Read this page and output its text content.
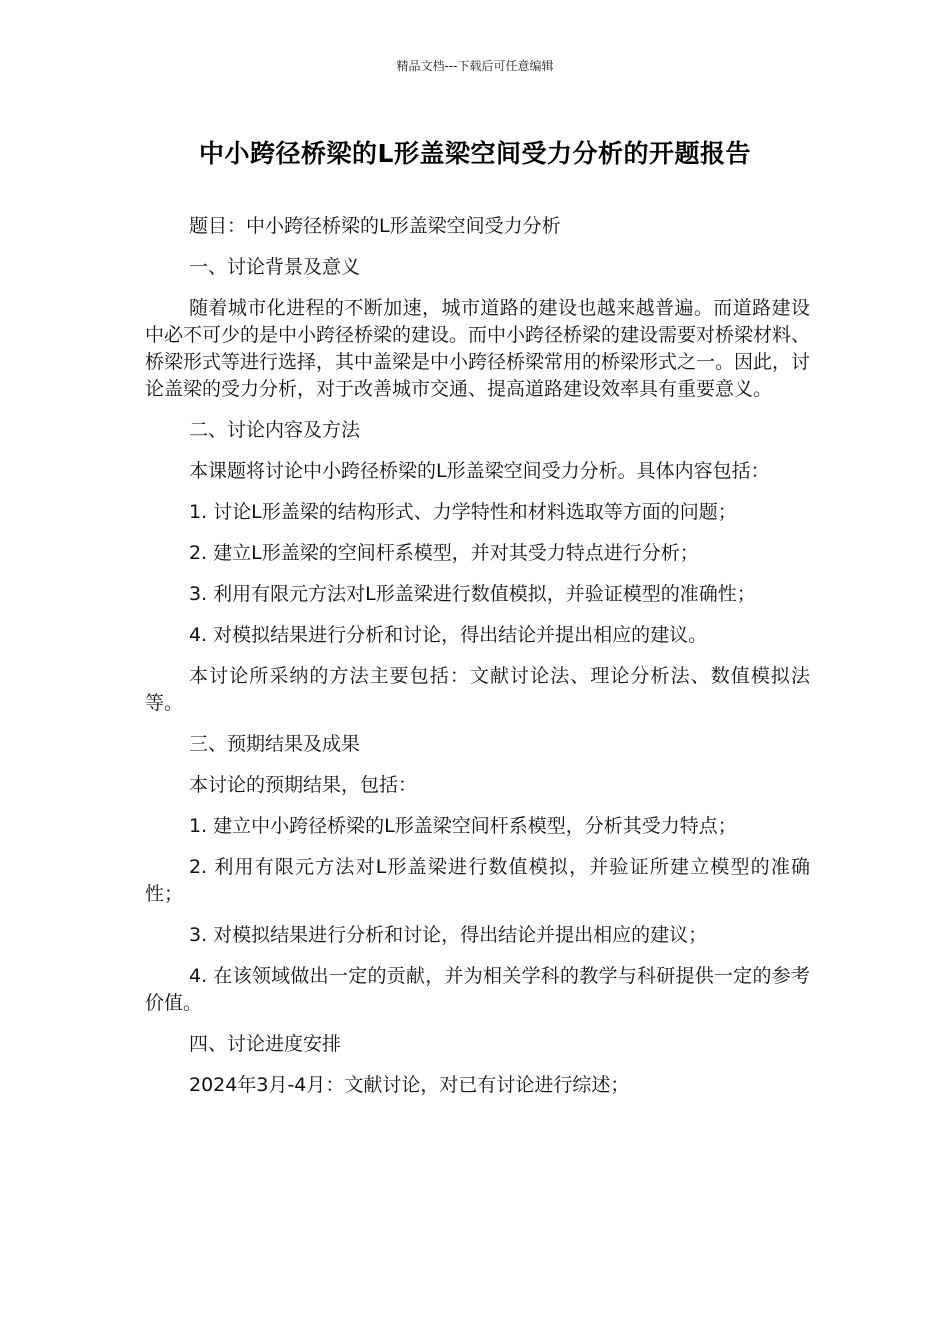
精品文档---下载后可任意编辑
中小跨径桥梁的L形盖梁空间受力分析的开题报告

题目：中小跨径桥梁的L形盖梁空间受力分析

一、讨论背景及意义

随着城市化进程的不断加速，城市道路的建设也越来越普遍。而道路建设中必不可少的是中小跨径桥梁的建设。而中小跨径桥梁的建设需要对桥梁材料、桥梁形式等进行选择，其中盖梁是中小跨径桥梁常用的桥梁形式之一。因此，讨论盖梁的受力分析，对于改善城市交通、提高道路建设效率具有重要意义。

二、讨论内容及方法

本课题将讨论中小跨径桥梁的L形盖梁空间受力分析。具体内容包括：

1. 讨论L形盖梁的结构形式、力学特性和材料选取等方面的问题；

2. 建立L形盖梁的空间杆系模型，并对其受力特点进行分析；

3. 利用有限元方法对L形盖梁进行数值模拟，并验证模型的准确性；

4. 对模拟结果进行分析和讨论，得出结论并提出相应的建议。

本讨论所采纳的方法主要包括：文献讨论法、理论分析法、数值模拟法等。

三、预期结果及成果

本讨论的预期结果，包括：

1. 建立中小跨径桥梁的L形盖梁空间杆系模型，分析其受力特点；

2. 利用有限元方法对L形盖梁进行数值模拟，并验证所建立模型的准确性；

3. 对模拟结果进行分析和讨论，得出结论并提出相应的建议；

4. 在该领域做出一定的贡献，并为相关学科的教学与科研提供一定的参考价值。

四、讨论进度安排

2024年3月-4月：文献讨论，对已有讨论进行综述；
